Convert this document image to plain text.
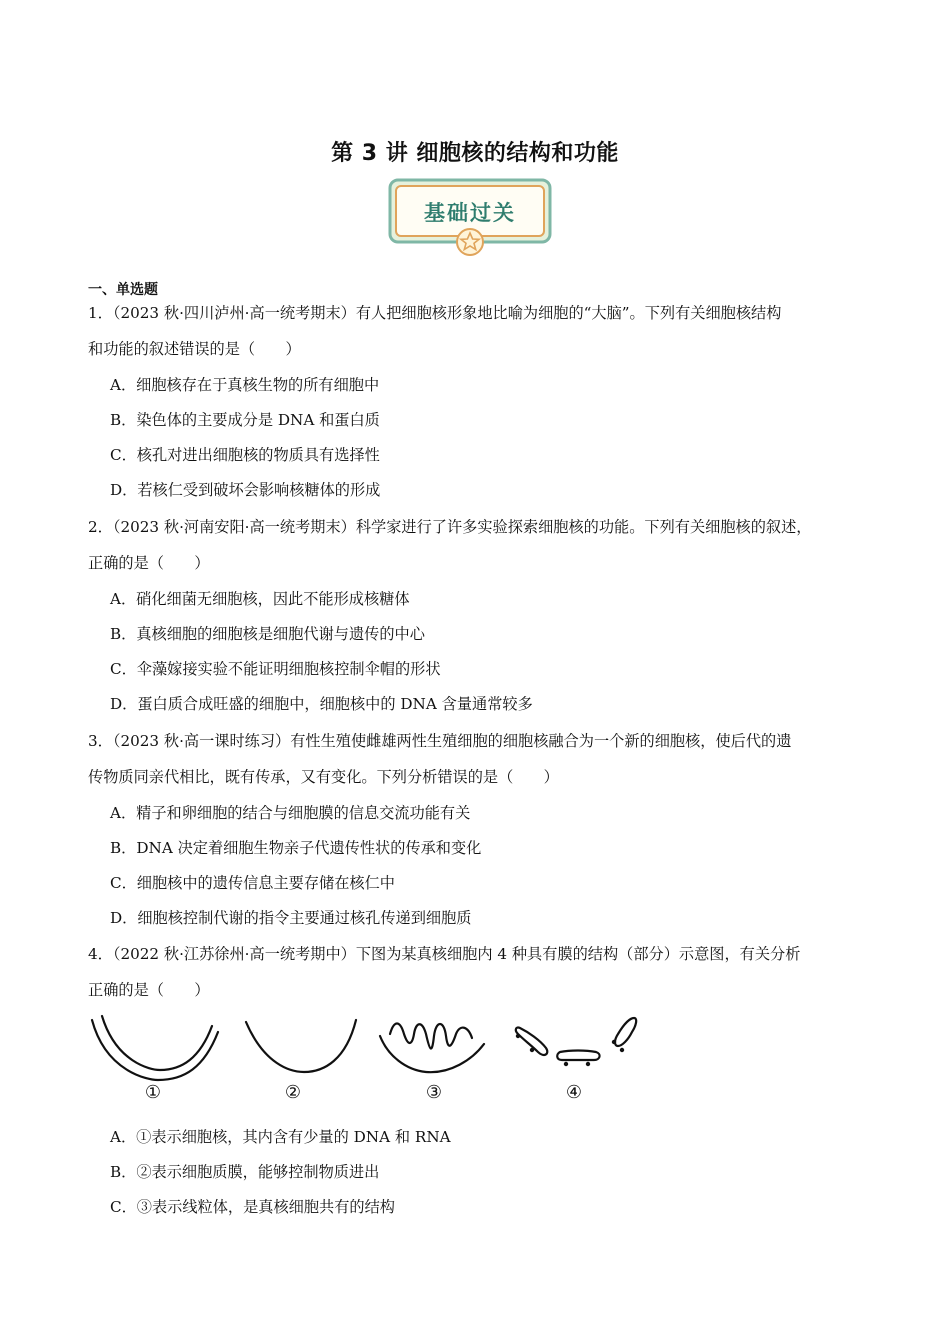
第 3 讲 细胞核的结构和功能
基础过关
一、单选题
1．（2023 秋·四川泸州·高一统考期末）有人把细胞核形象地比喻为细胞的“大脑”。下列有关细胞核结构
和功能的叙述错误的是（　　）
A．细胞核存在于真核生物的所有细胞中
B．染色体的主要成分是 DNA 和蛋白质
C．核孔对进出细胞核的物质具有选择性
D．若核仁受到破坏会影响核糖体的形成
2．（2023 秋·河南安阳·高一统考期末）科学家进行了许多实验探索细胞核的功能。下列有关细胞核的叙述，
正确的是（　　）
A．硝化细菌无细胞核，因此不能形成核糖体
B．真核细胞的细胞核是细胞代谢与遗传的中心
C．伞藻嫁接实验不能证明细胞核控制伞帽的形状
D．蛋白质合成旺盛的细胞中，细胞核中的 DNA 含量通常较多
3．（2023 秋·高一课时练习）有性生殖使雌雄两性生殖细胞的细胞核融合为一个新的细胞核，使后代的遗
传物质同亲代相比，既有传承，又有变化。下列分析错误的是（　　）
A．精子和卵细胞的结合与细胞膜的信息交流功能有关
B．DNA 决定着细胞生物亲子代遗传性状的传承和变化
C．细胞核中的遗传信息主要存储在核仁中
D．细胞核控制代谢的指令主要通过核孔传递到细胞质
4．（2022 秋·江苏徐州·高一统考期中）下图为某真核细胞内 4 种具有膜的结构（部分）示意图，有关分析
正确的是（　　）
①	②	③	④
A．①表示细胞核，其内含有少量的 DNA 和 RNA
B．②表示细胞质膜，能够控制物质进出
C．③表示线粒体，是真核细胞共有的结构
